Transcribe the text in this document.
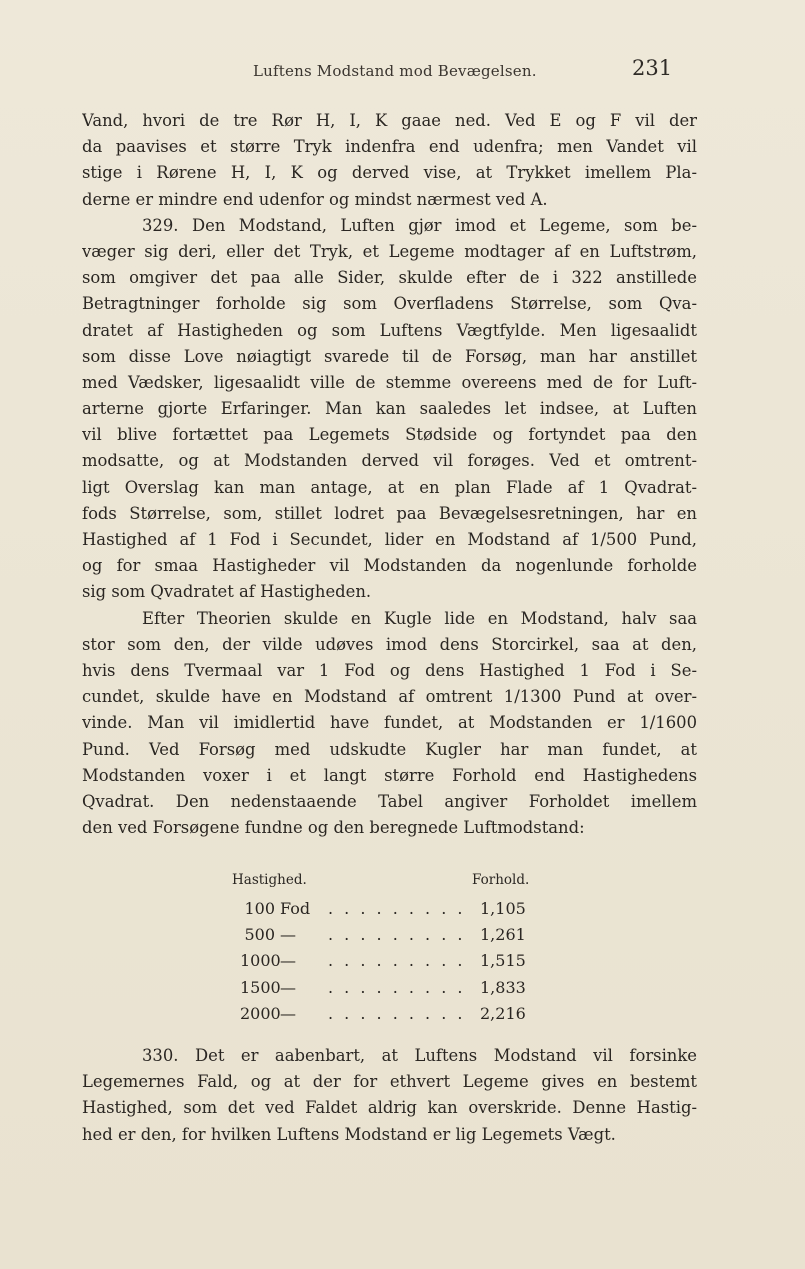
Luftens Modstand mod Bevægelsen.	231
Vand, hvori de tre Rør H, I, K gaae ned. Ved E og F vil der
da paavises et større Tryk indenfra end udenfra; men Vandet vil
stige i Rørene H, I, K og derved vise, at Trykket imellem Pla-
derne er mindre end udenfor og mindst nærmest ved A.
329. Den Modstand, Luften gjør imod et Legeme, som be-
væger sig deri, eller det Tryk, et Legeme modtager af en Luftstrøm,
som omgiver det paa alle Sider, skulde efter de i 322 anstillede
Betragtninger forholde sig som Overfladens Størrelse, som Qva-
dratet af Hastigheden og som Luftens Vægtfylde. Men ligesaalidt
som disse Love nøiagtigt svarede til de Forsøg, man har anstillet
med Vædsker, ligesaalidt ville de stemme overeens med de for Luft-
arterne gjorte Erfaringer. Man kan saaledes let indsee, at Luften
vil blive fortættet paa Legemets Stødside og fortyndet paa den
modsatte, og at Modstanden derved vil forøges. Ved et omtrent-
ligt Overslag kan man antage, at en plan Flade af 1 Qvadrat-
fods Størrelse, som, stillet lodret paa Bevægelsesretningen, har en
Hastighed af 1 Fod i Secundet, lider en Modstand af 1/500 Pund,
og for smaa Hastigheder vil Modstanden da nogenlunde forholde
sig som Qvadratet af Hastigheden.
Efter Theorien skulde en Kugle lide en Modstand, halv saa
stor som den, der vilde udøves imod dens Storcirkel, saa at den,
hvis dens Tvermaal var 1 Fod og dens Hastighed 1 Fod i Se-
cundet, skulde have en Modstand af omtrent 1/1300 Pund at over-
vinde. Man vil imidlertid have fundet, at Modstanden er 1/1600
Pund. Ved Forsøg med udskudte Kugler har man fundet, at
Modstanden voxer i et langt større Forhold end Hastighedens
Qvadrat. Den nedenstaaende Tabel angiver Forholdet imellem
den ved Forsøgene fundne og den beregnede Luftmodstand:
Hastighed.	Forhold.
100 Fod . . . . . . . . . 1,105
500 — . . . . . . . . . 1,261
1000 — . . . . . . . . . 1,515
1500 — . . . . . . . . . 1,833
2000 — . . . . . . . . . 2,216
330. Det er aabenbart, at Luftens Modstand vil forsinke
Legemernes Fald, og at der for ethvert Legeme gives en bestemt
Hastighed, som det ved Faldet aldrig kan overskride. Denne Hastig-
hed er den, for hvilken Luftens Modstand er lig Legemets Vægt.
